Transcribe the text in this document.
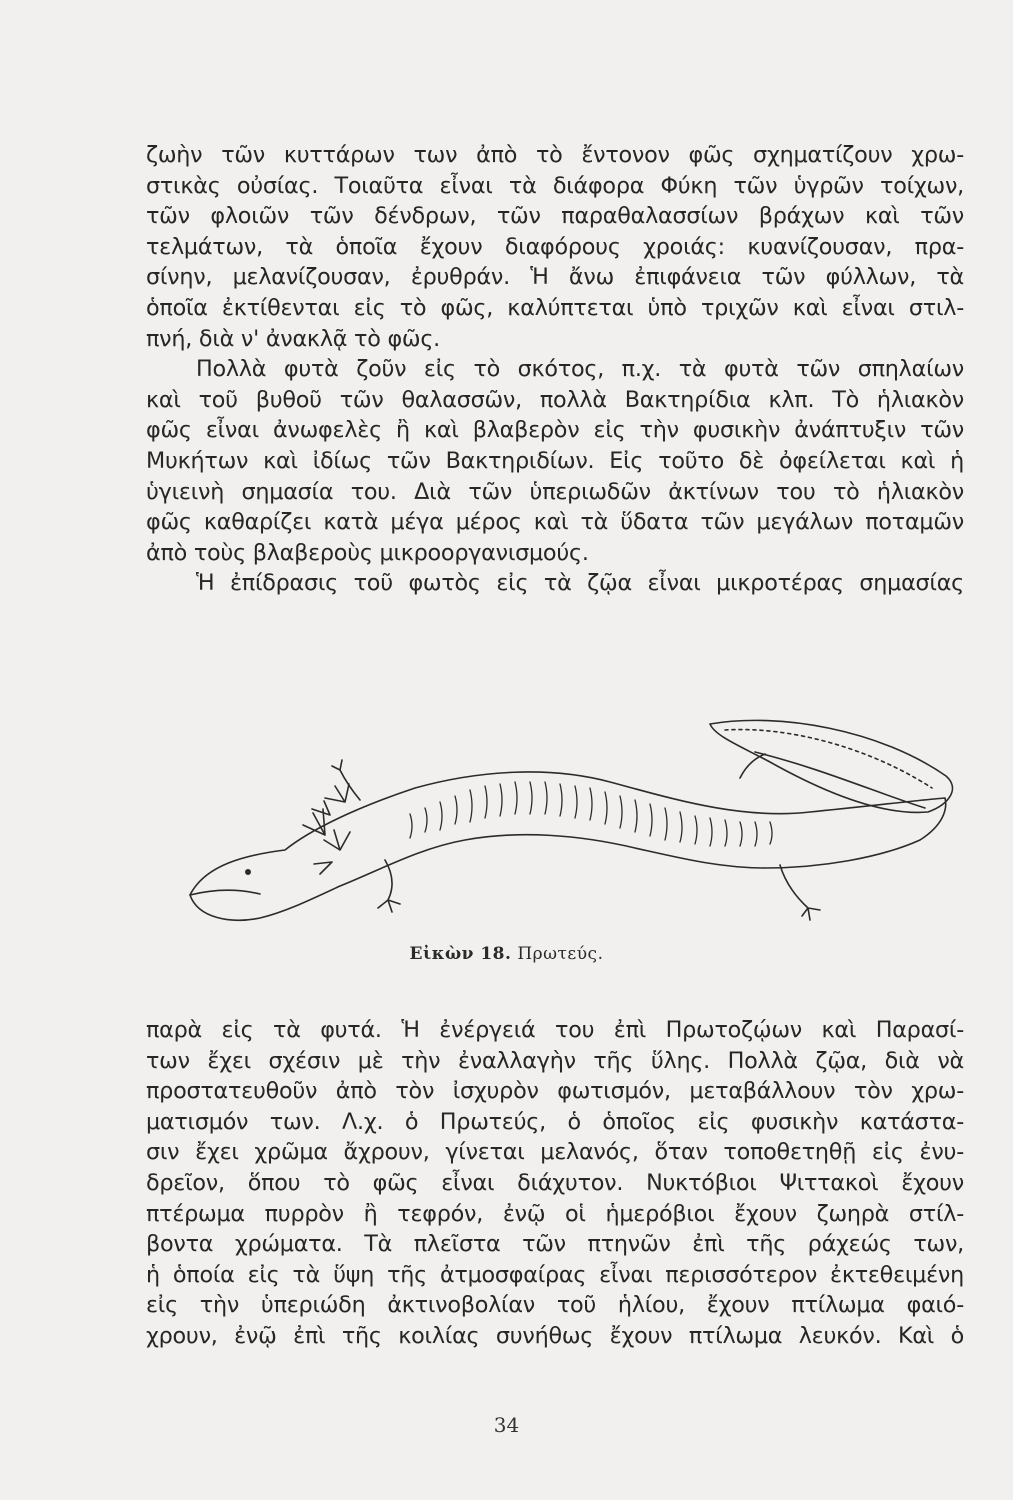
ζωὴν τῶν κυττάρων των ἀπὸ τὸ ἔντονον φῶς σχηματίζουν χρω-
στικὰς οὐσίας. Τοιαῦτα εἶναι τὰ διάφορα Φύκη τῶν ὑγρῶν τοίχων,
τῶν φλοιῶν τῶν δένδρων, τῶν παραθαλασσίων βράχων καὶ τῶν
τελμάτων, τὰ ὁποῖα ἔχουν διαφόρους χροιάς: κυανίζουσαν, πρα-
σίνην, μελανίζουσαν, ἐρυθράν. Ἡ ἄνω ἐπιφάνεια τῶν φύλλων, τὰ
ὁποῖα ἐκτίθενται εἰς τὸ φῶς, καλύπτεται ὑπὸ τριχῶν καὶ εἶναι στιλ-
πνή, διὰ ν' ἀνακλᾷ τὸ φῶς.
Πολλὰ φυτὰ ζοῦν εἰς τὸ σκότος, π.χ. τὰ φυτὰ τῶν σπηλαίων
καὶ τοῦ βυθοῦ τῶν θαλασσῶν, πολλὰ Βακτηρίδια κλπ. Τὸ ἡλιακὸν
φῶς εἶναι ἀνωφελὲς ἢ καὶ βλαβερὸν εἰς τὴν φυσικὴν ἀνάπτυξιν τῶν
Μυκήτων καὶ ἰδίως τῶν Βακτηριδίων. Εἰς τοῦτο δὲ ὀφείλεται καὶ ἡ
ὑγιεινὴ σημασία του. Διὰ τῶν ὑπεριωδῶν ἀκτίνων του τὸ ἡλιακὸν
φῶς καθαρίζει κατὰ μέγα μέρος καὶ τὰ ὕδατα τῶν μεγάλων ποταμῶν
ἀπὸ τοὺς βλαβεροὺς μικροοργανισμούς.
Ἡ ἐπίδρασις τοῦ φωτὸς εἰς τὰ ζῷα εἶναι μικροτέρας σημασίας
Εἰκὼν 18. Πρωτεύς.
παρὰ εἰς τὰ φυτά. Ἡ ἐνέργειά του ἐπὶ Πρωτοζῴων καὶ Παρασί-
των ἔχει σχέσιν μὲ τὴν ἐναλλαγὴν τῆς ὕλης. Πολλὰ ζῷα, διὰ νὰ
προστατευθοῦν ἀπὸ τὸν ἰσχυρὸν φωτισμόν, μεταβάλλουν τὸν χρω-
ματισμόν των. Λ.χ. ὁ Πρωτεύς, ὁ ὁποῖος εἰς φυσικὴν κατάστα-
σιν ἔχει χρῶμα ἄχρουν, γίνεται μελανός, ὅταν τοποθετηθῇ εἰς ἐνυ-
δρεῖον, ὅπου τὸ φῶς εἶναι διάχυτον. Νυκτόβιοι Ψιττακοὶ ἔχουν
πτέρωμα πυρρὸν ἢ τεφρόν, ἐνῷ οἱ ἡμερόβιοι ἔχουν ζωηρὰ στίλ-
βοντα χρώματα. Τὰ πλεῖστα τῶν πτηνῶν ἐπὶ τῆς ράχεώς των,
ἡ ὁποία εἰς τὰ ὕψη τῆς ἀτμοσφαίρας εἶναι περισσότερον ἐκτεθειμένη
εἰς τὴν ὑπεριώδη ἀκτινοβολίαν τοῦ ἡλίου, ἔχουν πτίλωμα φαιό-
χρουν, ἐνῷ ἐπὶ τῆς κοιλίας συνήθως ἔχουν πτίλωμα λευκόν. Καὶ ὁ
34
